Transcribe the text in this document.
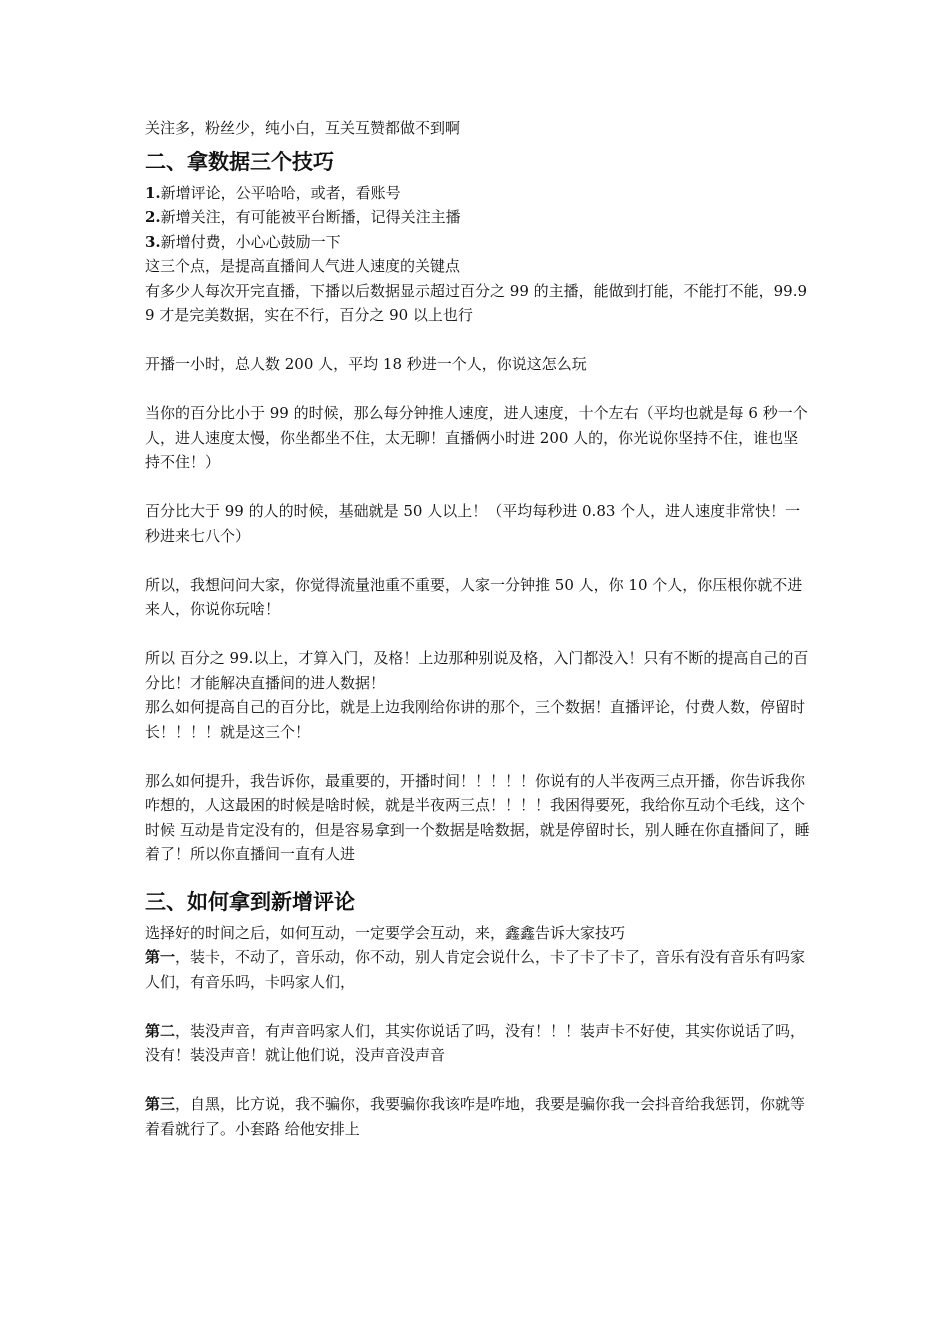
关注多，粉丝少，纯小白，互关互赞都做不到啊

二、拿数据三个技巧

1.新增评论，公平哈哈，或者，看账号

2.新增关注，有可能被平台断播，记得关注主播

3.新增付费，小心心鼓励一下

这三个点，是提高直播间人气进人速度的关键点

有多少人每次开完直播，下播以后数据显示超过百分之 99 的主播，能做到打能，不能打不能，99.99 才是完美数据，实在不行，百分之 90 以上也行

开播一小时，总人数 200 人，平均 18 秒进一个人，你说这怎么玩

当你的百分比小于 99 的时候，那么每分钟推人速度，进人速度，十个左右（平均也就是每 6 秒一个人，进人速度太慢，你坐都坐不住，太无聊！直播俩小时进 200 人的，你光说你坚持不住，谁也坚持不住！）

百分比大于 99 的人的时候，基础就是 50 人以上！（平均每秒进 0.83 个人，进人速度非常快！一秒进来七八个）

所以，我想问问大家，你觉得流量池重不重要，人家一分钟推 50 人，你 10 个人，你压根你就不进来人，你说你玩啥！

所以 百分之 99.以上，才算入门，及格！上边那种别说及格，入门都没入！只有不断的提高自己的百分比！才能解决直播间的进人数据！

那么如何提高自己的百分比，就是上边我刚给你讲的那个，三个数据！直播评论，付费人数，停留时长！！！！就是这三个！

那么如何提升，我告诉你，最重要的，开播时间！！！！！你说有的人半夜两三点开播，你告诉我你咋想的，人这最困的时候是啥时候，就是半夜两三点！！！！我困得要死，我给你互动个毛线，这个时候 互动是肯定没有的，但是容易拿到一个数据是啥数据，就是停留时长，别人睡在你直播间了，睡着了！所以你直播间一直有人进

三、如何拿到新增评论

选择好的时间之后，如何互动，一定要学会互动，来，鑫鑫告诉大家技巧

第一，装卡，不动了，音乐动，你不动，别人肯定会说什么，卡了卡了卡了，音乐有没有音乐有吗家人们，有音乐吗，卡吗家人们，

第二，装没声音，有声音吗家人们，其实你说话了吗，没有！！！装声卡不好使，其实你说话了吗，没有！装没声音！就让他们说，没声音没声音

第三，自黑，比方说，我不骗你，我要骗你我该咋是咋地，我要是骗你我一会抖音给我惩罚，你就等着看就行了。小套路 给他安排上
